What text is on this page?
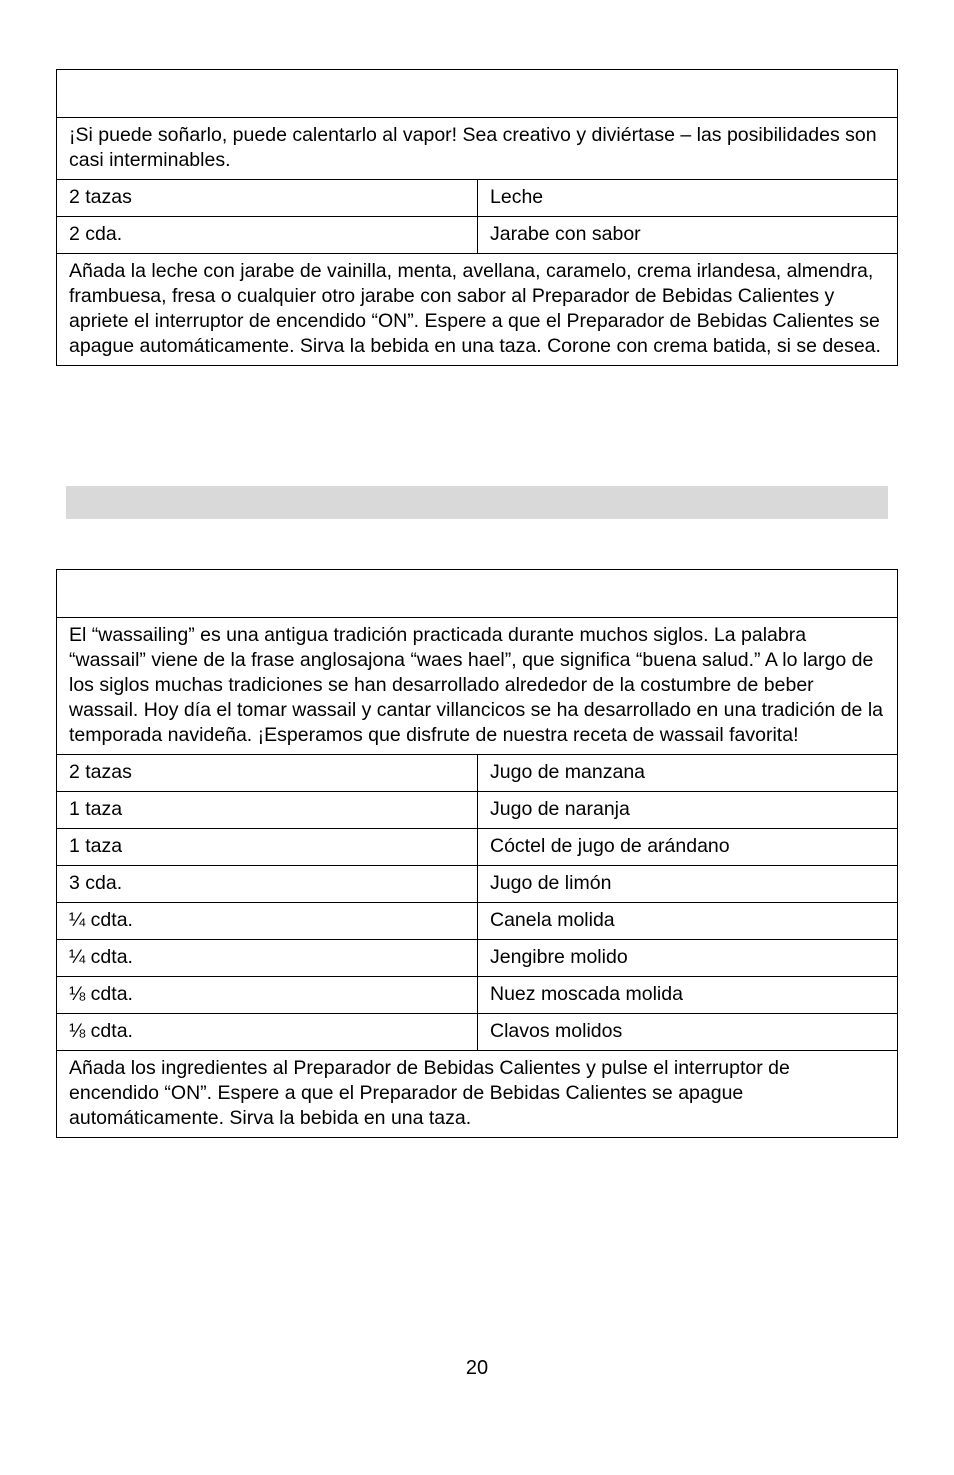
¡Si puede soñarlo, puede calentarlo al vapor! Sea creativo y diviértase – las posibilidades son casi interminables.	
2 tazas	Leche
2 cda.	Jarabe con sabor
Añada la leche con jarabe de vainilla, menta, avellana, caramelo, crema irlandesa, almendra, frambuesa, fresa o cualquier otro jarabe con sabor al Preparador de Bebidas Calientes y apriete el interruptor de encendido “ON”. Espere a que el Preparador de Bebidas Calientes se apague automáticamente. Sirva la bebida en una taza. Corone con crema batida, si se desea.	

El “wassailing” es una antigua tradición practicada durante muchos siglos. La palabra “wassail” viene de la frase anglosajona “waes hael”, que significa “buena salud.” A lo largo de los siglos muchas tradiciones se han desarrollado alrededor de la costumbre de beber wassail. Hoy día el tomar wassail y cantar villancicos se ha desarrollado en una tradición de la temporada navideña. ¡Esperamos que disfrute de nuestra receta de wassail favorita!	
2 tazas	Jugo de manzana
1 taza	Jugo de naranja
1 taza	Cóctel de jugo de arándano
3 cda.	Jugo de limón
¼ cdta.	Canela molida
¼ cdta.	Jengibre molido
⅛ cdta.	Nuez moscada molida
⅛ cdta.	Clavos molidos
Añada los ingredientes al Preparador de Bebidas Calientes y pulse el interruptor de encendido “ON”. Espere a que el Preparador de Bebidas Calientes se apague automáticamente. Sirva la bebida en una taza.	
20
